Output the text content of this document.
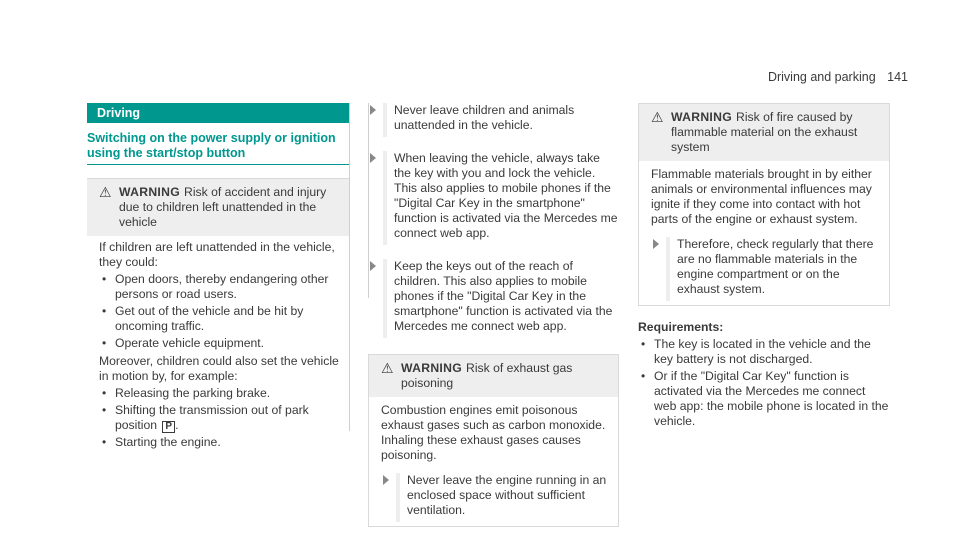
Driving and parking 141
Driving
Switching on the power supply or ignition using the start/stop button
⚠ WARNING Risk of accident and injury due to children left unattended in the vehicle
If children are left unattended in the vehicle, they could:
• Open doors, thereby endangering other persons or road users.
• Get out of the vehicle and be hit by oncoming traffic.
• Operate vehicle equipment.
Moreover, children could also set the vehicle in motion by, for example:
• Releasing the parking brake.
• Shifting the transmission out of park position P .
• Starting the engine.
Never leave children and animals unattended in the vehicle.
When leaving the vehicle, always take the key with you and lock the vehicle. This also applies to mobile phones if the "Digital Car Key in the smartphone" function is activated via the Mercedes me connect web app.
Keep the keys out of the reach of children. This also applies to mobile phones if the "Digital Car Key in the smartphone" function is activated via the Mercedes me connect web app.
⚠ WARNING Risk of exhaust gas poisoning
Combustion engines emit poisonous exhaust gases such as carbon monoxide. Inhaling these exhaust gases causes poisoning.
Never leave the engine running in an enclosed space without sufficient ventilation.
⚠ WARNING Risk of fire caused by flammable material on the exhaust system
Flammable materials brought in by either animals or environmental influences may ignite if they come into contact with hot parts of the engine or exhaust system.
Therefore, check regularly that there are no flammable materials in the engine compartment or on the exhaust system.
Requirements:
• The key is located in the vehicle and the key battery is not discharged.
• Or if the "Digital Car Key" function is activated via the Mercedes me connect web app: the mobile phone is located in the vehicle.
